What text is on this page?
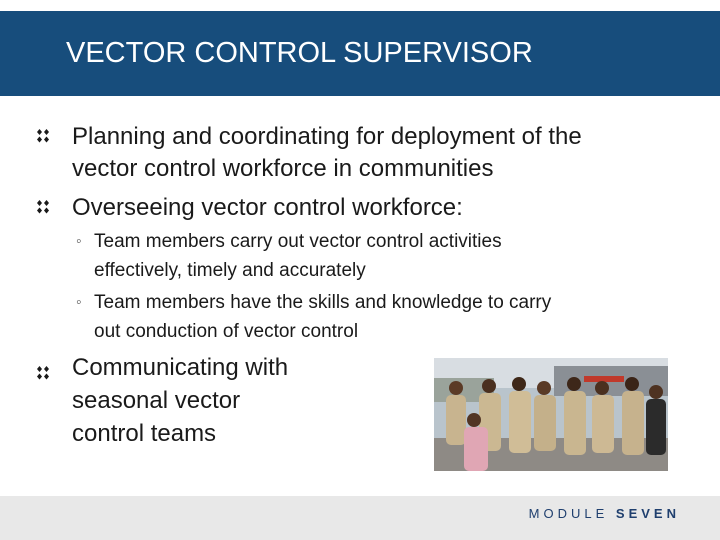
VECTOR CONTROL SUPERVISOR
Planning and coordinating for deployment of the
vector control workforce in communities
Overseeing vector control workforce:
◦ Team members carry out vector control activities
effectively, timely and accurately
◦ Team members have the skills and knowledge to carry
out conduction of vector control
Communicating with
seasonal vector
control teams
MODULE SEVEN
